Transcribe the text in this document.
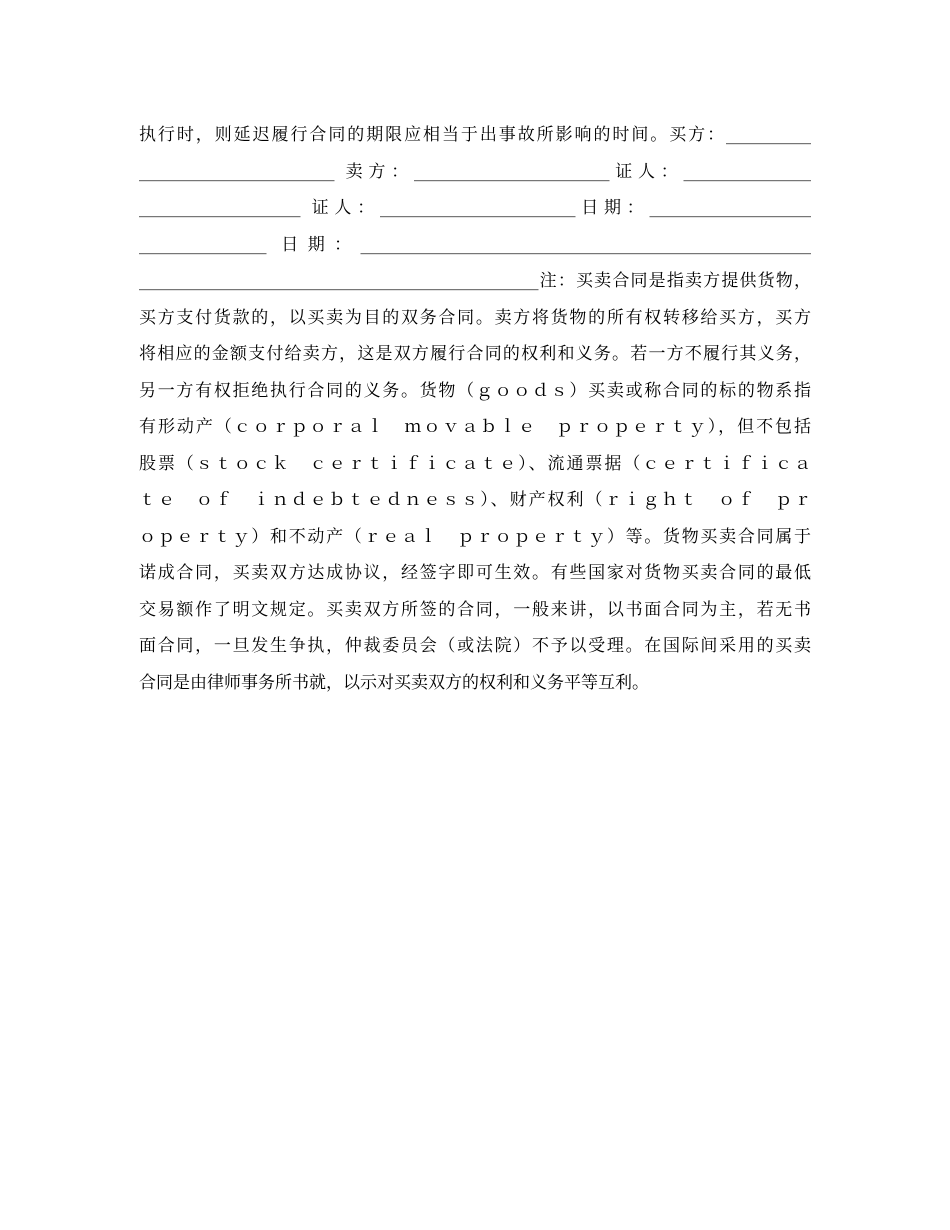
执行时，则延迟履行合同的期限应相当于出事故所影响的时间。买方：__________
_______________________ 卖方：_______________________证人：_______________
___________________ 证人：_______________________日期：___________________
_______________ 日期：_____________________________________________________
_______________________________________________注：买卖合同是指卖方提供货物，
买方支付货款的，以买卖为目的双务合同。卖方将货物的所有权转移给买方，买方
将相应的金额支付给卖方，这是双方履行合同的权利和义务。若一方不履行其义务，
另一方有权拒绝执行合同的义务。货物（ｇｏｏｄｓ）买卖或称合同的标的物系指
有形动产（ｃｏｒｐｏｒａｌ　ｍｏｖａｂｌｅ　ｐｒｏｐｅｒｔｙ），但不包括
股票（ｓｔｏｃｋ　ｃｅｒｔｉｆｉｃａｔｅ）、流通票据（ｃｅｒｔｉｆｉｃａ
ｔｅ　ｏｆ　ｉｎｄｅｂｔｅｄｎｅｓｓ）、财产权利（ｒｉｇｈｔ　ｏｆ　ｐｒ
ｏｐｅｒｔｙ）和不动产（ｒｅａｌ　ｐｒｏｐｅｒｔｙ）等。货物买卖合同属于
诺成合同，买卖双方达成协议，经签字即可生效。有些国家对货物买卖合同的最低
交易额作了明文规定。买卖双方所签的合同，一般来讲，以书面合同为主，若无书
面合同，一旦发生争执，仲裁委员会（或法院）不予以受理。在国际间采用的买卖
合同是由律师事务所书就，以示对买卖双方的权利和义务平等互利。
